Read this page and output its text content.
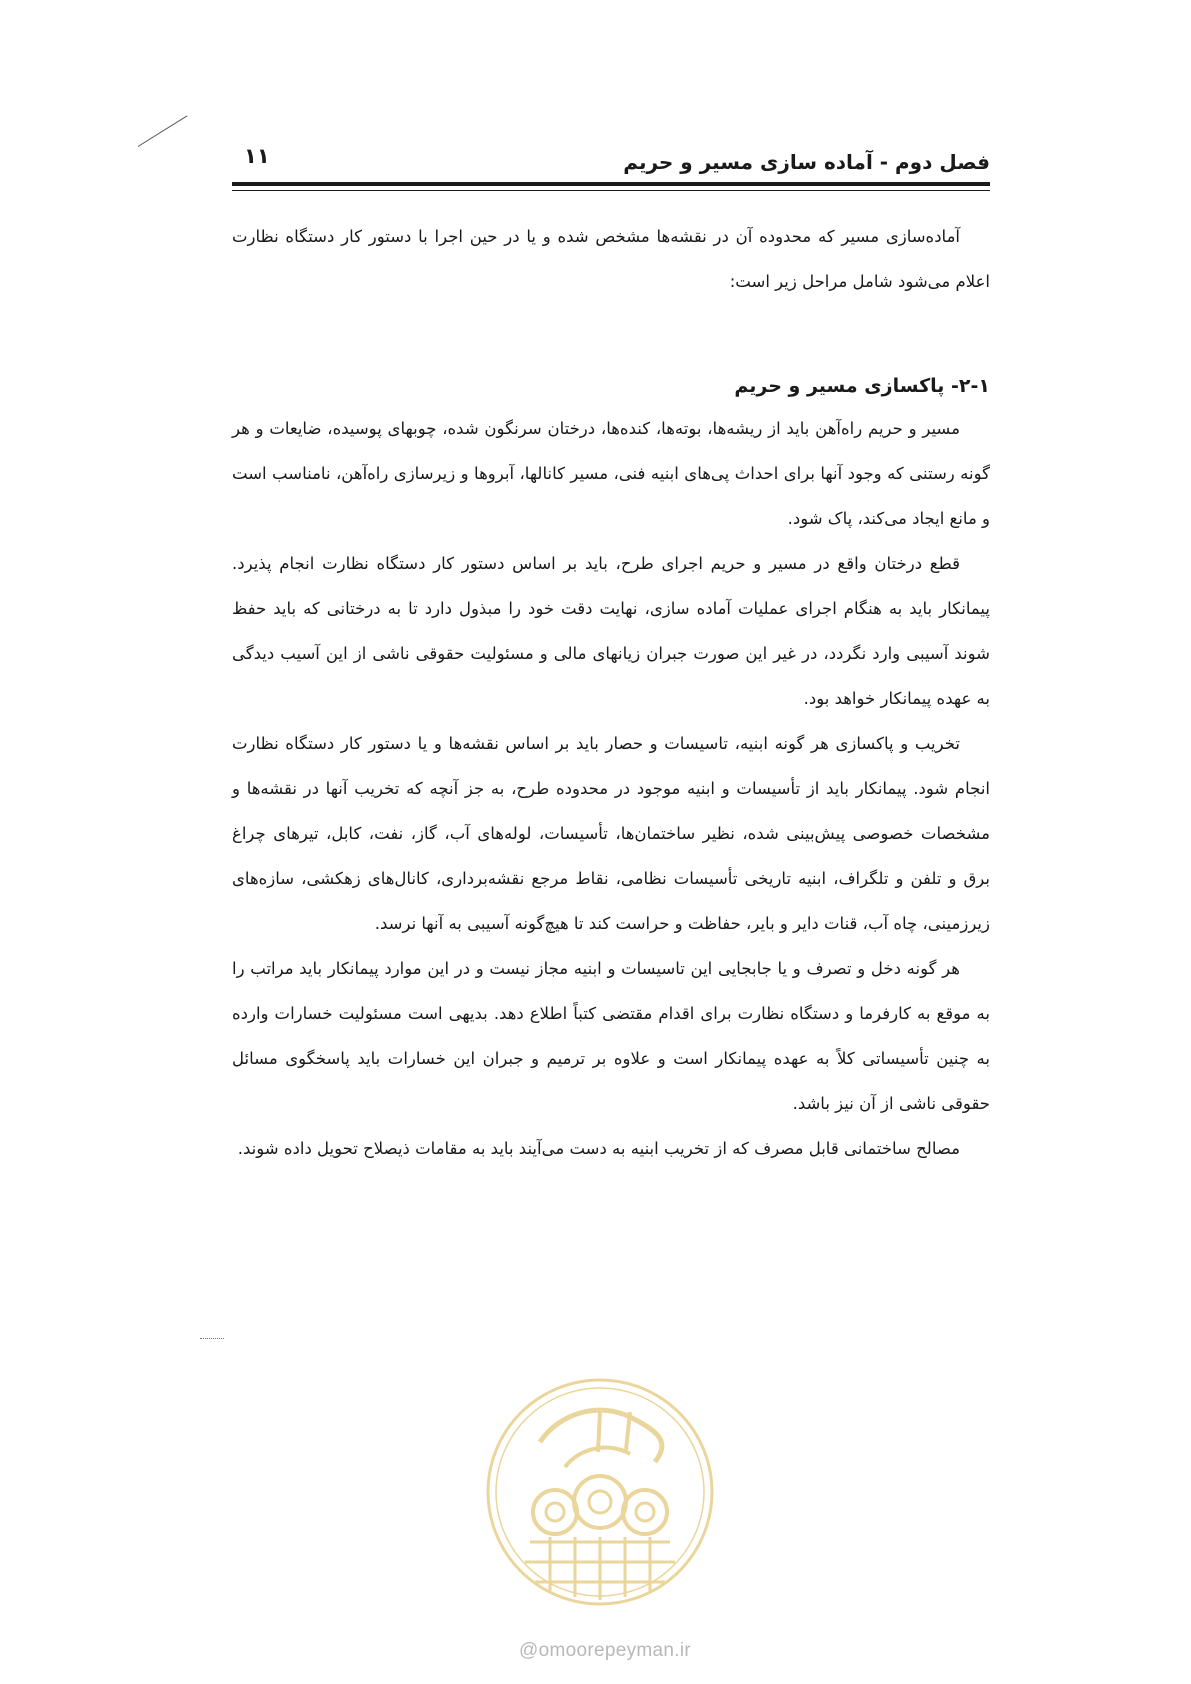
۱۱	فصل دوم - آماده سازی مسیر و حریم

آماده‌سازی مسیر که محدوده آن در نقشه‌ها مشخص شده و یا در حین اجرا با دستور کار دستگاه نظارت اعلام می‌شود شامل مراحل زیر است:

۲-۱- پاکسازی مسیر و حریم

مسیر و حریم راه‌آهن باید از ریشه‌ها، بوته‌ها، کنده‌ها، درختان سرنگون شده، چوبهای پوسیده، ضایعات و هر گونه رستنی که وجود آنها برای احداث پی‌های ابنیه فنی، مسیر کانالها، آبروها و زیرسازی راه‌آهن، نامناسب است و مانع ایجاد می‌کند، پاک شود.

قطع درختان واقع در مسیر و حریم اجرای طرح، باید بر اساس دستور کار دستگاه نظارت انجام پذیرد. پیمانکار باید به هنگام اجرای عملیات آماده سازی، نهایت دقت خود را مبذول دارد تا به درختانی که باید حفظ شوند آسیبی وارد نگردد، در غیر این صورت جبران زیانهای مالی و مسئولیت حقوقی ناشی از این آسیب دیدگی به عهده پیمانکار خواهد بود.

تخریب و پاکسازی هر گونه ابنیه، تاسیسات و حصار باید بر اساس نقشه‌ها و یا دستور کار دستگاه نظارت انجام شود. پیمانکار باید از تأسیسات و ابنیه موجود در محدوده طرح، به جز آنچه که تخریب آنها در نقشه‌ها و مشخصات خصوصی پیش‌بینی شده، نظیر ساختمان‌ها، تأسیسات، لوله‌های آب، گاز، نفت، کابل، تیرهای چراغ برق و تلفن و تلگراف، ابنیه تاریخی تأسیسات نظامی، نقاط مرجع نقشه‌برداری، کانال‌های زهکشی، سازه‌های زیرزمینی، چاه آب، قنات دایر و بایر، حفاظت و حراست کند تا هیچ‌گونه آسیبی به آنها نرسد.

هر گونه دخل و تصرف و یا جابجایی این تاسیسات و ابنیه مجاز نیست و در این موارد پیمانکار باید مراتب را به موقع به کارفرما و دستگاه نظارت برای اقدام مقتضی کتباً اطلاع دهد. بدیهی است مسئولیت خسارات وارده به چنین تأسیساتی کلاً به عهده پیمانکار است و علاوه بر ترمیم و جبران این خسارات باید پاسخگوی مسائل حقوقی ناشی از آن نیز باشد.

مصالح ساختمانی قابل مصرف که از تخریب ابنیه به دست می‌آیند باید به مقامات ذیصلاح تحویل داده شوند.

@omoorepeyman.ir
